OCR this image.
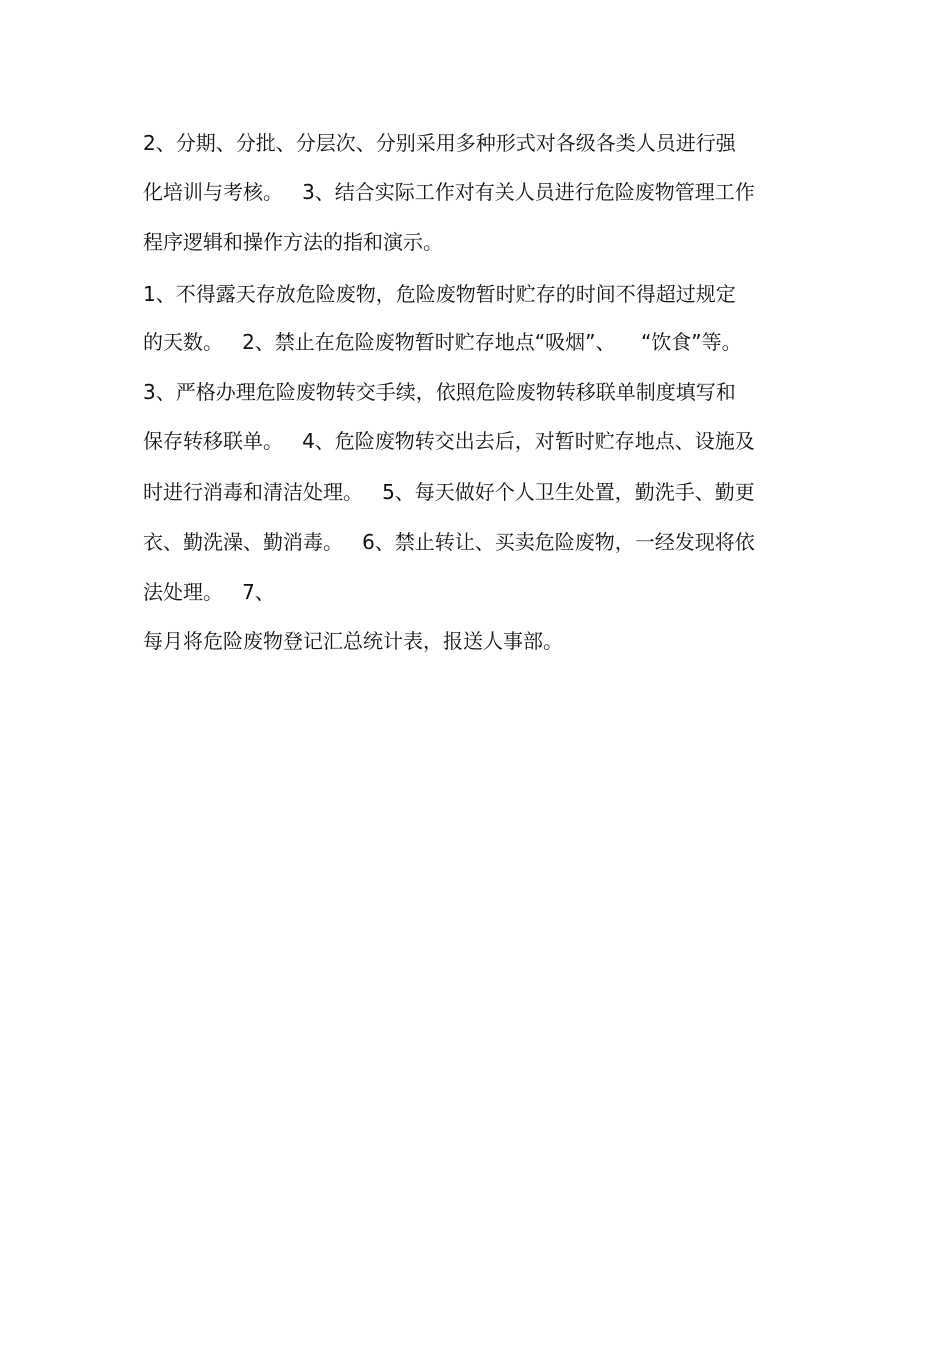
2、分期、分批、分层次、分别采用多种形式对各级各类人员进行强
化培训与考核。   3、结合实际工作对有关人员进行危险废物管理工作
程序逻辑和操作方法的指和演示。
1、不得露天存放危险废物，危险废物暂时贮存的时间不得超过规定
的天数。   2、禁止在危险废物暂时贮存地点“吸烟”、    “饮食”等。
3、严格办理危险废物转交手续，依照危险废物转移联单制度填写和
保存转移联单。   4、危险废物转交出去后，对暂时贮存地点、设施及
时进行消毒和清洁处理。   5、每天做好个人卫生处置，勤洗手、勤更
衣、勤洗澡、勤消毒。   6、禁止转让、买卖危险废物，一经发现将依
法处理。   7、
每月将危险废物登记汇总统计表，报送人事部。
